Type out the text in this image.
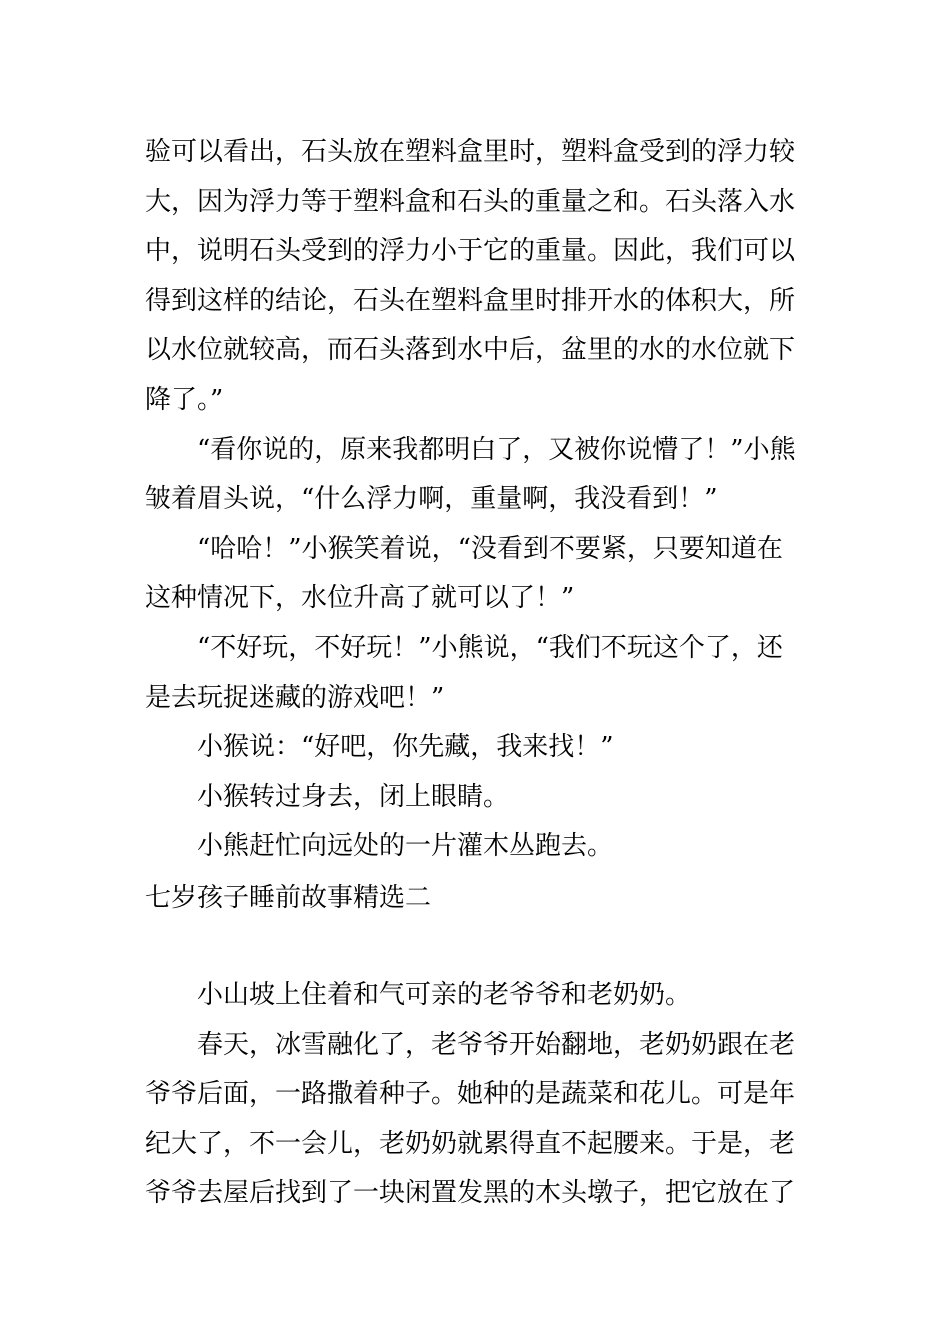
验可以看出，石头放在塑料盒里时，塑料盒受到的浮力较
大，因为浮力等于塑料盒和石头的重量之和。石头落入水
中，说明石头受到的浮力小于它的重量。因此，我们可以
得到这样的结论，石头在塑料盒里时排开水的体积大，所
以水位就较高，而石头落到水中后，盆里的水的水位就下
降了。”
“看你说的，原来我都明白了，又被你说懵了！”小熊
皱着眉头说，“什么浮力啊，重量啊，我没看到！”
“哈哈！”小猴笑着说，“没看到不要紧，只要知道在
这种情况下，水位升高了就可以了！”
“不好玩，不好玩！”小熊说，“我们不玩这个了，还
是去玩捉迷藏的游戏吧！”
小猴说：“好吧，你先藏，我来找！”
小猴转过身去，闭上眼睛。
小熊赶忙向远处的一片灌木丛跑去。
七岁孩子睡前故事精选二
小山坡上住着和气可亲的老爷爷和老奶奶。
春天，冰雪融化了，老爷爷开始翻地，老奶奶跟在老
爷爷后面，一路撒着种子。她种的是蔬菜和花儿。可是年
纪大了，不一会儿，老奶奶就累得直不起腰来。于是，老
爷爷去屋后找到了一块闲置发黑的木头墩子，把它放在了
